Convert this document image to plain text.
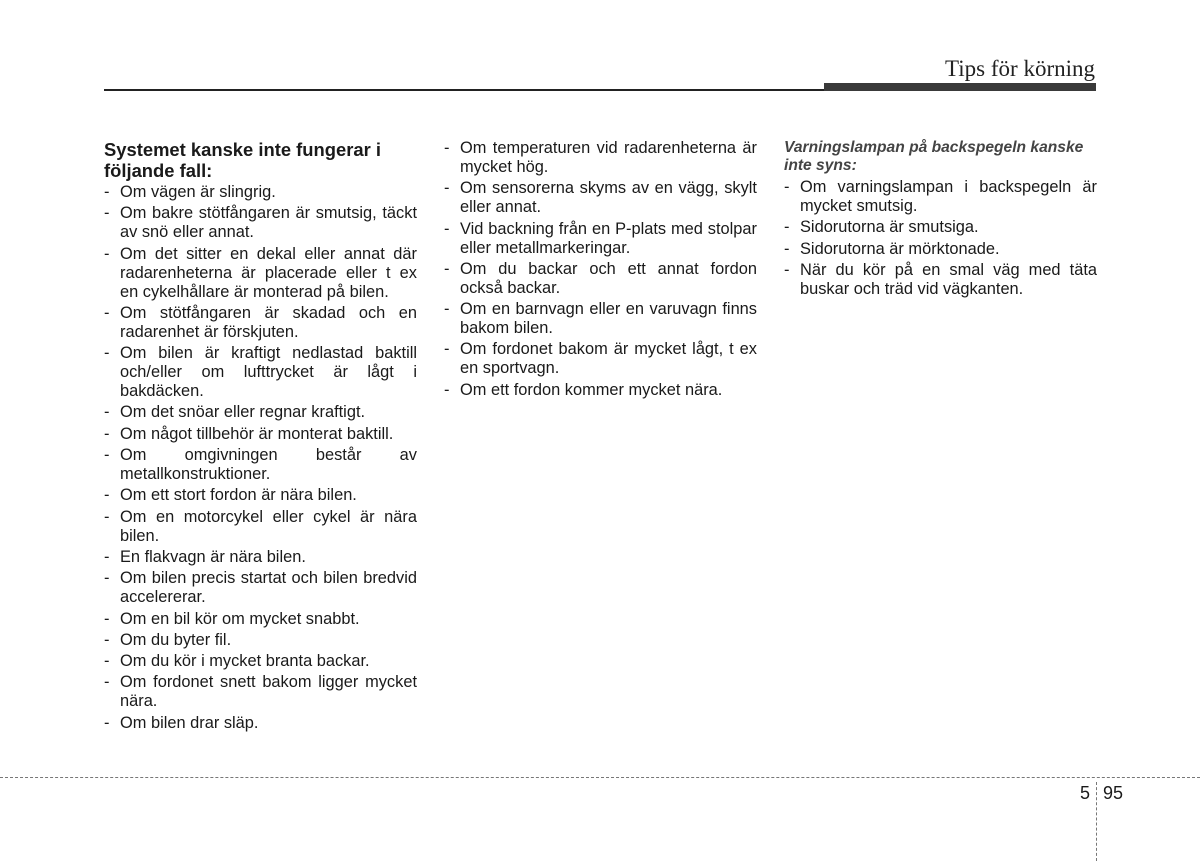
Tips för körning
Systemet kanske inte fungerar i följande fall:
- Om vägen är slingrig.
- Om bakre stötfångaren är smutsig, täckt av snö eller annat.
- Om det sitter en dekal eller annat där radarenheterna är placerade eller t ex en cykelhållare är monterad på bilen.
- Om stötfångaren är skadad och en radarenhet är förskjuten.
- Om bilen är kraftigt nedlastad baktill och/eller om lufttrycket är lågt i bakdäcken.
- Om det snöar eller regnar kraftigt.
- Om något tillbehör är monterat baktill.
- Om omgivningen består av metallkonstruktioner.
- Om ett stort fordon är nära bilen.
- Om en motorcykel eller cykel är nära bilen.
- En flakvagn är nära bilen.
- Om bilen precis startat och bilen bredvid accelererar.
- Om en bil kör om mycket snabbt.
- Om du byter fil.
- Om du kör i mycket branta backar.
- Om fordonet snett bakom ligger mycket nära.
- Om bilen drar släp.
- Om temperaturen vid radarenheterna är mycket hög.
- Om sensorerna skyms av en vägg, skylt eller annat.
- Vid backning från en P-plats med stolpar eller metallmarkeringar.
- Om du backar och ett annat fordon också backar.
- Om en barnvagn eller en varuvagn finns bakom bilen.
- Om fordonet bakom är mycket lågt, t ex en sportvagn.
- Om ett fordon kommer mycket nära.
Varningslampan på backspegeln kanske inte syns:
- Om varningslampan i backspegeln är mycket smutsig.
- Sidorutorna är smutsiga.
- Sidorutorna är mörktonade.
- När du kör på en smal väg med täta buskar och träd vid vägkanten.
5 95
